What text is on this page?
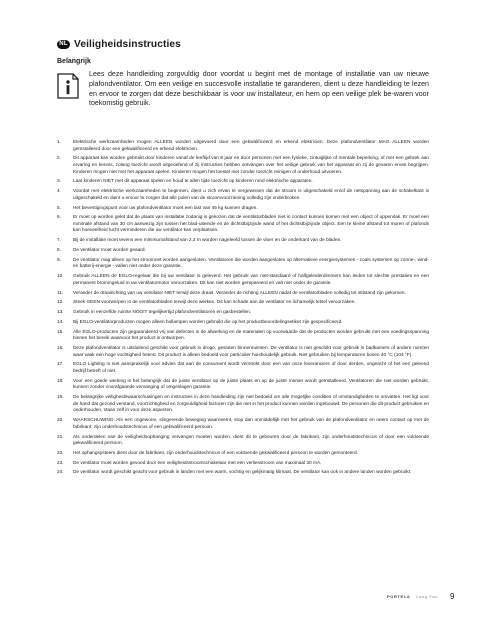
NL Veiligheidsinstructies
Belangrijk
Lees deze handleiding zorgvuldig door voordat u begint met de montage of installatie van uw nieuwe plafondventilator. Om een veilige en succesvolle installatie te garanderen, dient u deze handleiding te lezen en ervoor te zorgen dat deze beschikbaar is voor uw installateur, en hem op een veilige plek be-waren voor toekomstig gebruik.
1.	Elektrische werkzaamheden mogen ALLEEN worden uitgevoerd door een gekwalificeerd en erkend elektricien. Deze plafondventilator MAG ALLEEN worden geïnstalleerd door een gekwalificeerd en erkend elektricien.
2.	Dit apparaat kan worden gebruikt door kinderen vanaf de leeftijd van 8 jaar en door personen met een fysieke, zintuiglijke of mentale beperking, of met een gebrek aan ervaring en kennis, zolang toezicht wordt uitgeoefend of zij instructies hebben ontvangen over het veilige gebruik van het apparaat en zij de gevaren ervan begrijpen. Kinderen mogen niet met het apparaat spelen. Kinderen mogen het toestel niet zonder toezicht reinigen of onderhoud uitvoeren.
3.	Laat kinderen NIET met dit apparaat spelen en houd te allen tijde toezicht op kinderen rond elektrische apparaten.
4.	Voordat met elektrische werkzaamheden te beginnen, dient u zich ervan te vergewissen dat de stroom is uitgeschakeld en/of de netspanning aan de schakelkast is uitgeschakeld en dient u ervoor te zorgen dat alle polen van de stroomvoorziening volledig zijn onderbroken.
5.	Het bevestigingspunt voor uw plafondventilator moet een last van 45 kg kunnen dragen.
6.	Er moet op worden gelet dat de plaats van installatie zodanig is gekozen dat de ventilatorbladen niet in contact kunnen komen met een object of oppervlak. Er moet een minimale afstand van 30 cm aanwezig zijn tussen het blad-uiteinde en de dichtstbijzijnde wand of het dichtstbijzijnde object. Een te kleine afstand tot muren of plafonds kan hoeveelheid lucht verminderen die uw ventilator kan verplaatsen.
7.	Bij de installatie moet tevens een minimumafstand van 2,3 m worden nageleefd tussen de vloer en de onderkant van de bladen.
8.	De ventilator moet worden geaard.
9.	De ventilator mag alleen op het stroomnet worden aangesloten. Ventilatoren die worden aangesloten op alternatieve energiesystemen - zoals systemen op zonne-, wind- en batterij-energie - vallen niet onder deze garantie.
10.	Gebruik ALLEEN de EGLO-regelaar die bij uw ventilator is geleverd. Het gebruik van niet-standaard of halfgeleiderdimmers kan leiden tot slechte prestaties en een permanent brommgeluid in uw ventilatormotor veroorzaken. Dit kan niet worden gerepareerd en valt niet onder de garantie.
11.	Verander de draairichting van uw ventilator NIET terwijl deze draait. Verander de richting ALLEEN nadat de ventilatorbladen volledig tot stilstand zijn gekomen.
12.	Steek GEEN voorwerpen in de ventilatorbladen terwijl deze werken. Dit kan schade aan de ventilator en lichamelijk letsel veroorzaken.
13.	Gebruik in eenzelfde ruimte NOOIT tegelijkertijd plafondventilatoren en gasbestellen.
14.	Bij EGLO-ventilatorproducten mogen alleen bollampen worden gebruikt die op het productbeoordelingsetiket zijn gespecificeerd.
15.	Alle EGLO-producten zijn gegarandeerd vrij van defecten in de afwerking en de materialen op voorwaarde dat de producten worden gebruikt met een voedingsspanning binnen het bereik waarvoor het product is ontworpen.
16.	Deze plafondventilator is uitsluitend geschikt voor gebruik in droge, gesloten binnenruimten. De ventilator is niet geschikt voor gebruik in badkamers of andere ruimten waar vaak een hoge vochtigheid heerst. Dit product is alleen bedoeld voor particulier huishoudelijk gebruik. Niet gebruiken bij temperaturen boven 40 °C (104 °F).
17.	EGLO Lighting is niet aansprakelijk voor advies dat aan de consument wordt verstrekt door een van onze leveranciers of door derden, ongeacht of het een geleend bedrijf betreft of niet.
18.	Voor een goede werking is het belangrijk dat de juiste ventilator op de juiste plaats en op de juiste manier wordt geïnstalleerd. Ventilatoren die niet worden gebruikt, kunnen zonder voorafgaande vervanging of omgeslagen garantie.
19.	De belangrijke veiligheidswaarschuwingen en instructies in deze handleiding zijn niet bedoeld om alle mogelijke condities of omstandigheden te omvatten. Het ligt voor de hand dat gezond verstand, voorzichtigheid en zorgvuldigheid factoren zijn die niet in het product kunnen worden ingebouwd. De personen die dit product gebruiken en onderhouden, staan zelf in voor deze aspecten.
20.	WAARSCHUWING: Als een ongewone, slingerende beweging waarneemt, stop dan onmiddellijk met het gebruik van de plafondventilator en neem contact op met de fabrikant, zijn onderhoudstechnicus of een gekwalificeerd persoon.
21.	Als onderdelen van de veiligheidsophanging vervangen moeten worden, dient dit te gebeuren door de fabrikant, zijn onderhoudstechnicus of door een voldoende gekwalificeerd persoon.
22.	Het ophangsysteem dient door de fabrikant, zijn onderhoudstechnicus of een voldoende gekwalificeerd persoon te worden gemonteerd.
23.	De ventilator moet worden gevoed door een veiligheidsstroomschakelaar met een verliesstroom van maximaal 30 mA.
24.	De ventilator wordt geschikt geacht voor gebruik in landen met een warm, vochtig en gelijkmatig klimaat. De ventilator kan ook in andere landen worden gebruikt.
PORTELA Lang Fan 9
